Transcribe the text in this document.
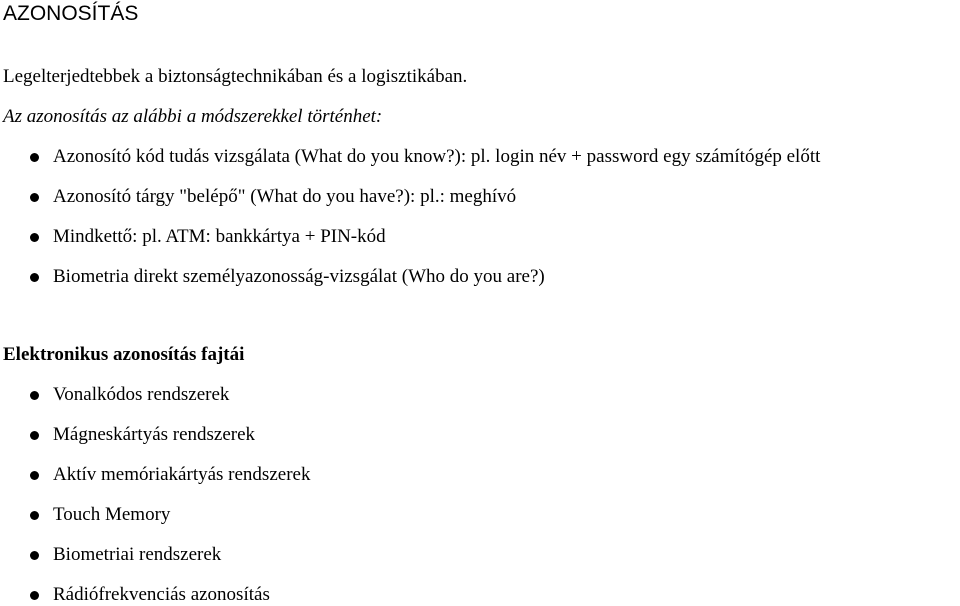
AZONOSÍTÁS

Legelterjedtebbek a biztonságtechnikában és a logisztikában.

Az azonosítás az alábbi a módszerekkel történhet:

Azonosító kód tudás vizsgálata (What do you know?): pl. login név + password egy számítógép előtt
Azonosító tárgy "belépő" (What do you have?): pl.: meghívó
Mindkettő: pl. ATM: bankkártya + PIN-kód
Biometria direkt személyazonosság-vizsgálat (Who do you are?)
Elektronikus azonosítás fajtái
Vonalkódos rendszerek
Mágneskártyás rendszerek
Aktív memóriakártyás rendszerek
Touch Memory
Biometriai rendszerek
Rádiófrekvenciás azonosítás
